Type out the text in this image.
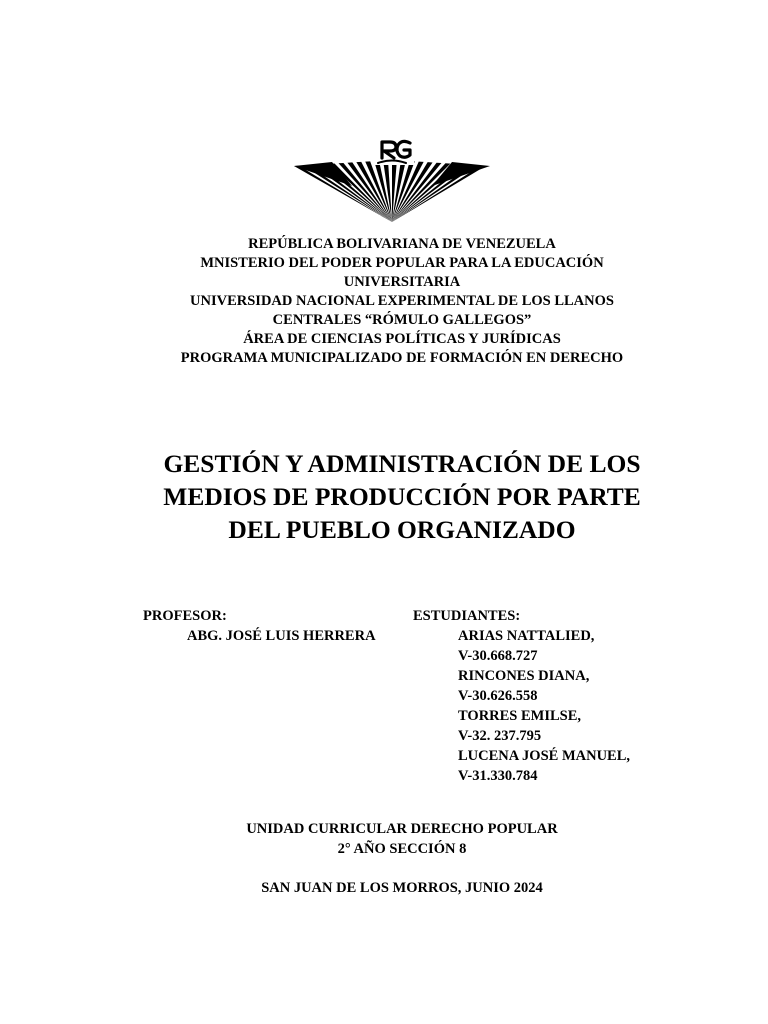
REPÚBLICA BOLIVARIANA DE VENEZUELA
MNISTERIO DEL PODER POPULAR PARA LA EDUCACIÓN
UNIVERSITARIA
UNIVERSIDAD NACIONAL EXPERIMENTAL DE LOS LLANOS
CENTRALES “RÓMULO GALLEGOS”
ÁREA DE CIENCIAS POLÍTICAS Y JURÍDICAS
PROGRAMA MUNICIPALIZADO DE FORMACIÓN EN DERECHO
GESTIÓN Y ADMINISTRACIÓN DE LOS
MEDIOS DE PRODUCCIÓN POR PARTE
DEL PUEBLO ORGANIZADO
PROFESOR:
ABG. JOSÉ LUIS HERRERA
ESTUDIANTES:
ARIAS NATTALIED,
V-30.668.727
RINCONES DIANA,
V-30.626.558
TORRES EMILSE,
V-32. 237.795
LUCENA JOSÉ MANUEL,
V-31.330.784
UNIDAD CURRICULAR DERECHO POPULAR
2° AÑO SECCIÓN 8
SAN JUAN DE LOS MORROS, JUNIO 2024
